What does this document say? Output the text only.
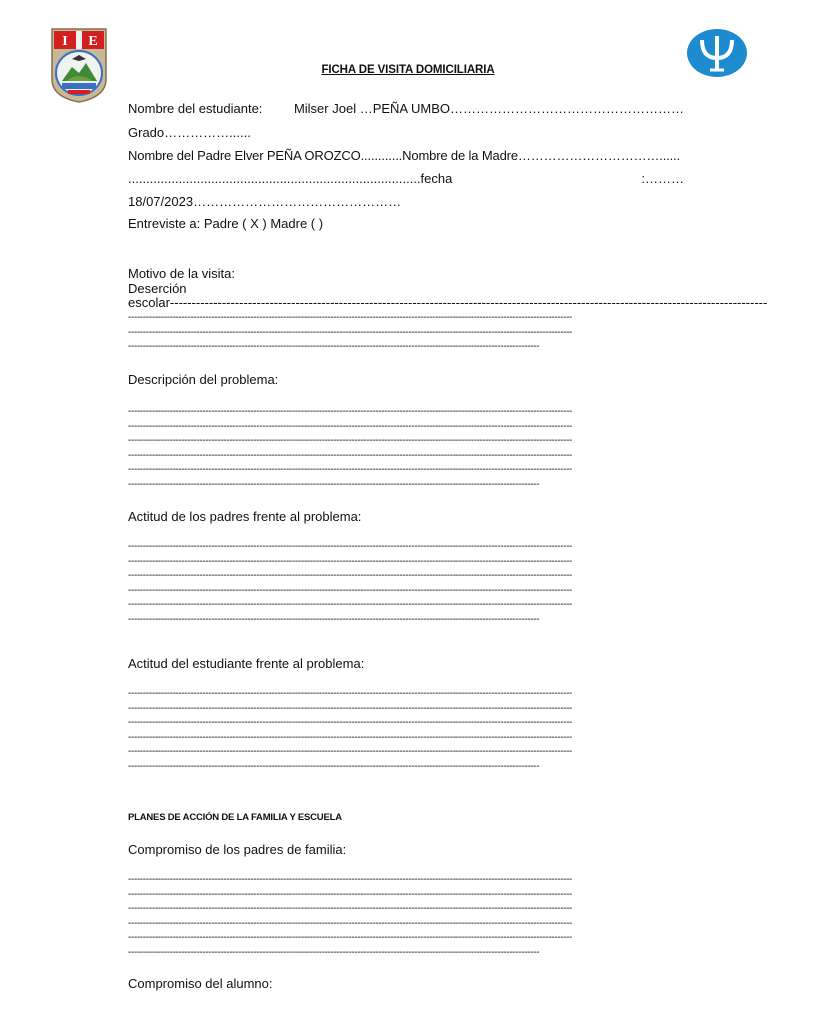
I E
FICHA DE VISITA DOMICILIARIA
Nombre del estudiante: Milser Joel …PEÑA UMBO………………………………………………
Grado……………......
Nombre del Padre Elver PEÑA OROZCO............Nombre de la Madre……………………………......
.................................................................................fecha	:………
18/07/2023…………………………………………
Entreviste a: Padre ( X ) Madre ( )
Motivo de la visita:
Deserción
escolar------------------------------------------------------------------------------------------------------------------------------------------
-----------------------------------------------------------------------------------------------------------------------------------------------------
-----------------------------------------------------------------------------------------------------------------------------------------------------
------------------------------------------------------------------------------------------------------------------------------------------
Descripción del problema:
-----------------------------------------------------------------------------------------------------------------------------------------------------
-----------------------------------------------------------------------------------------------------------------------------------------------------
-----------------------------------------------------------------------------------------------------------------------------------------------------
-----------------------------------------------------------------------------------------------------------------------------------------------------
-----------------------------------------------------------------------------------------------------------------------------------------------------
------------------------------------------------------------------------------------------------------------------------------------------
Actitud de los padres frente al problema:
-----------------------------------------------------------------------------------------------------------------------------------------------------
-----------------------------------------------------------------------------------------------------------------------------------------------------
-----------------------------------------------------------------------------------------------------------------------------------------------------
-----------------------------------------------------------------------------------------------------------------------------------------------------
-----------------------------------------------------------------------------------------------------------------------------------------------------
------------------------------------------------------------------------------------------------------------------------------------------
Actitud del estudiante frente al problema:
-----------------------------------------------------------------------------------------------------------------------------------------------------
-----------------------------------------------------------------------------------------------------------------------------------------------------
-----------------------------------------------------------------------------------------------------------------------------------------------------
-----------------------------------------------------------------------------------------------------------------------------------------------------
-----------------------------------------------------------------------------------------------------------------------------------------------------
------------------------------------------------------------------------------------------------------------------------------------------
PLANES DE ACCIÓN DE LA FAMILIA Y ESCUELA
Compromiso de los padres de familia:
-----------------------------------------------------------------------------------------------------------------------------------------------------
-----------------------------------------------------------------------------------------------------------------------------------------------------
-----------------------------------------------------------------------------------------------------------------------------------------------------
-----------------------------------------------------------------------------------------------------------------------------------------------------
-----------------------------------------------------------------------------------------------------------------------------------------------------
------------------------------------------------------------------------------------------------------------------------------------------
Compromiso del alumno:
